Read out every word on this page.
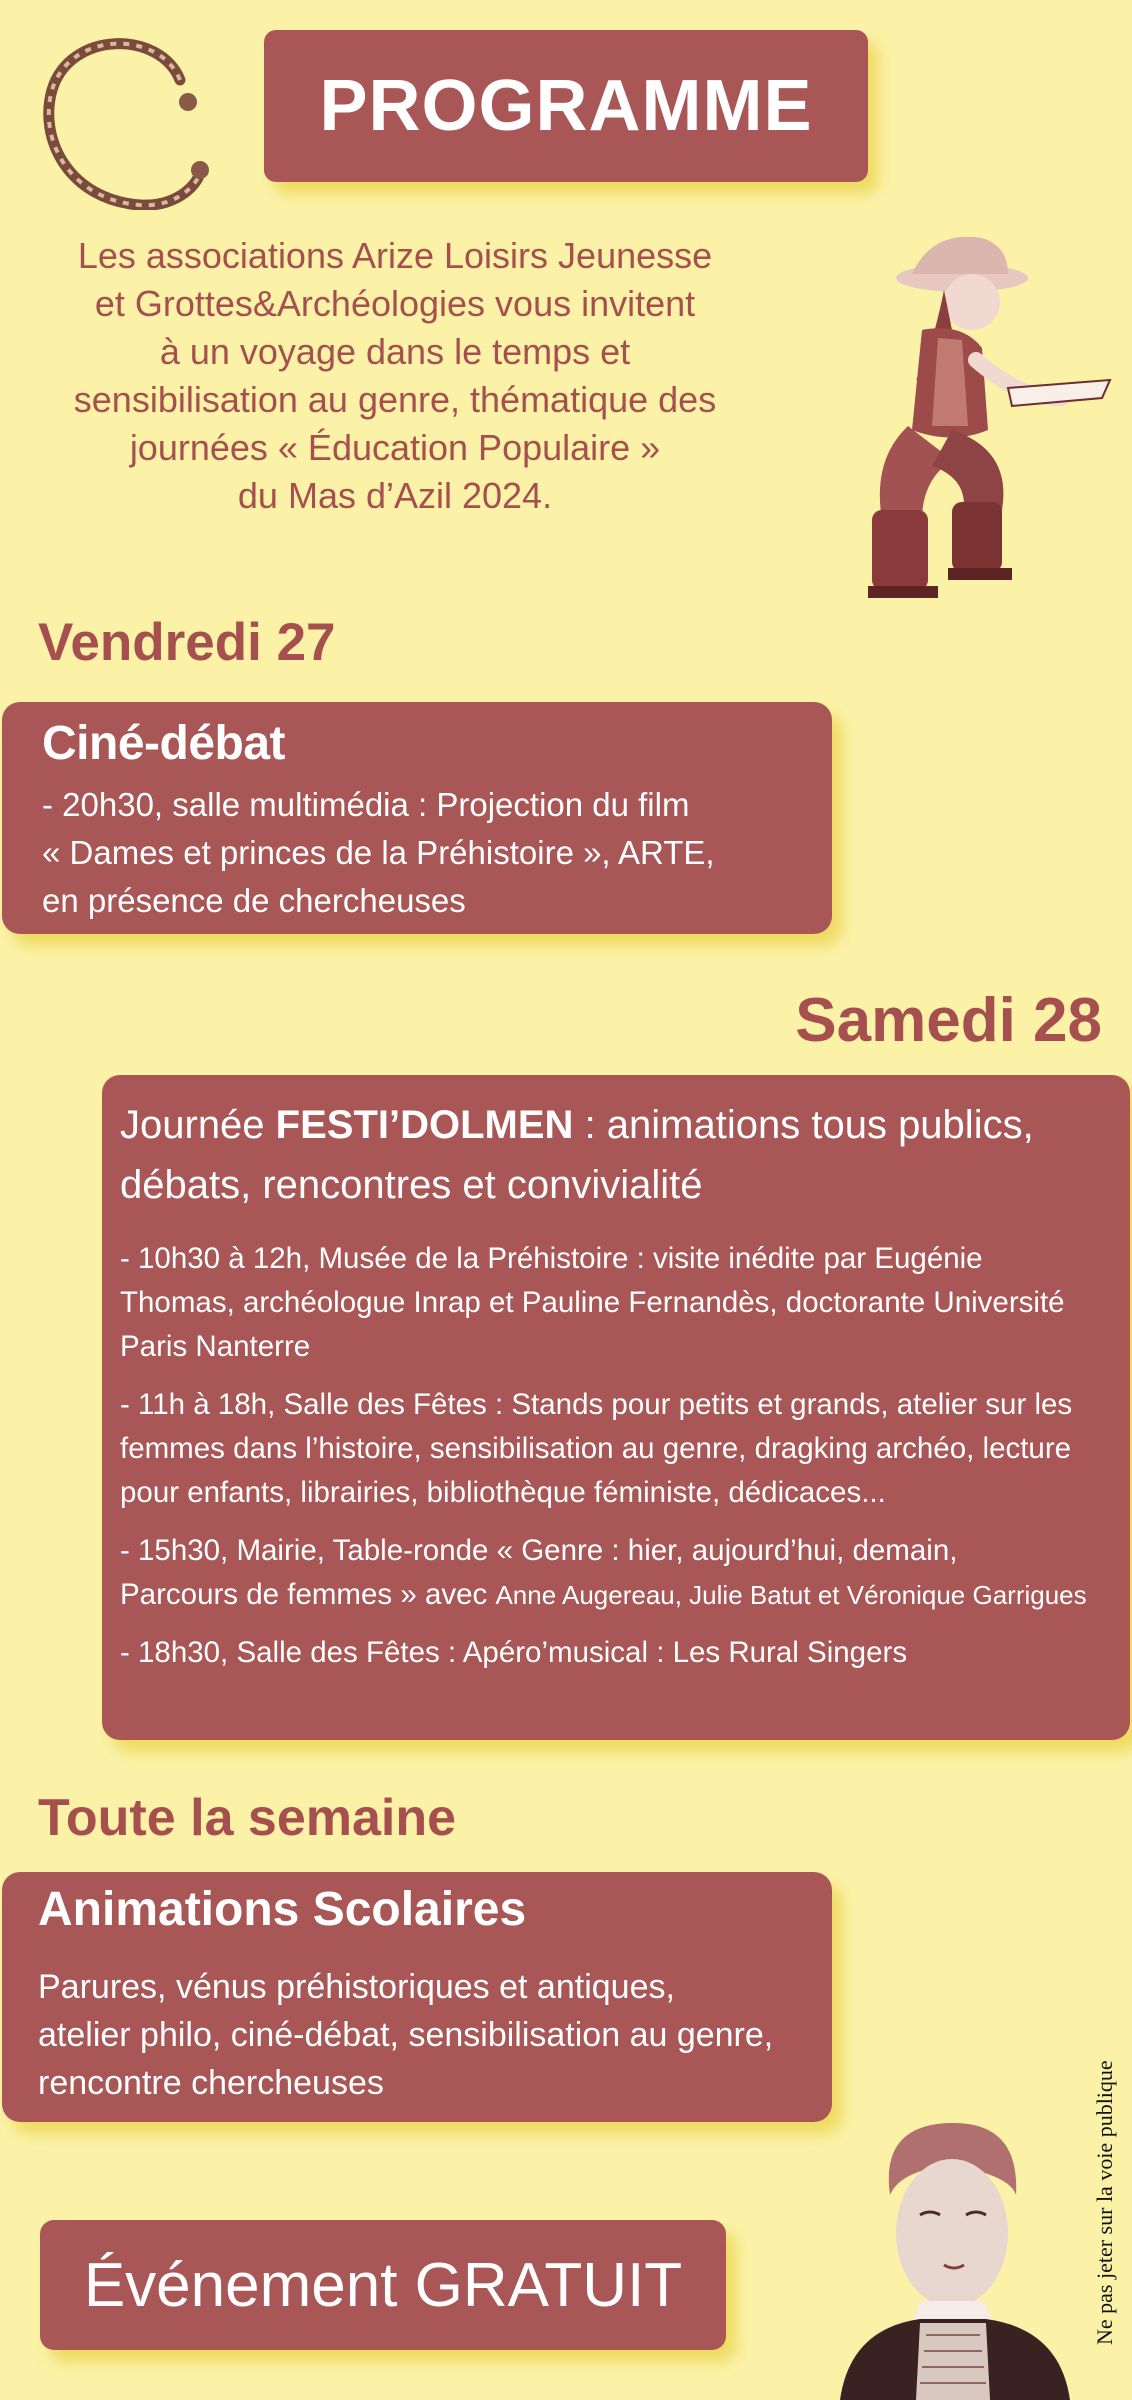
PROGRAMME
Les associations Arize Loisirs Jeunesse
et Grottes&Archéologies vous invitent
à un voyage dans le temps et
sensibilisation au genre, thématique des
journées « Éducation Populaire »
du Mas d’Azil 2024.
Vendredi 27
Ciné-débat
- 20h30, salle multimédia : Projection du film
« Dames et princes de la Préhistoire », ARTE,
en présence de chercheuses
Samedi 28
Journée FESTI’DOLMEN : animations tous publics,
débats, rencontres et convivialité
- 10h30 à 12h, Musée de la Préhistoire : visite inédite par Eugénie
Thomas, archéologue Inrap et Pauline Fernandès, doctorante Université
Paris Nanterre
- 11h à 18h, Salle des Fêtes : Stands pour petits et grands, atelier sur les
femmes dans l’histoire, sensibilisation au genre, dragking archéo, lecture
pour enfants, librairies, bibliothèque féministe, dédicaces...
- 15h30, Mairie, Table-ronde « Genre : hier, aujourd’hui, demain,
Parcours de femmes » avec Anne Augereau, Julie Batut et Véronique Garrigues
- 18h30, Salle des Fêtes : Apéro’musical : Les Rural Singers
Toute la semaine
Animations Scolaires
Parures, vénus préhistoriques et antiques,
atelier philo, ciné-débat, sensibilisation au genre,
rencontre chercheuses
Événement GRATUIT	Ne pas jeter sur la voie publique
